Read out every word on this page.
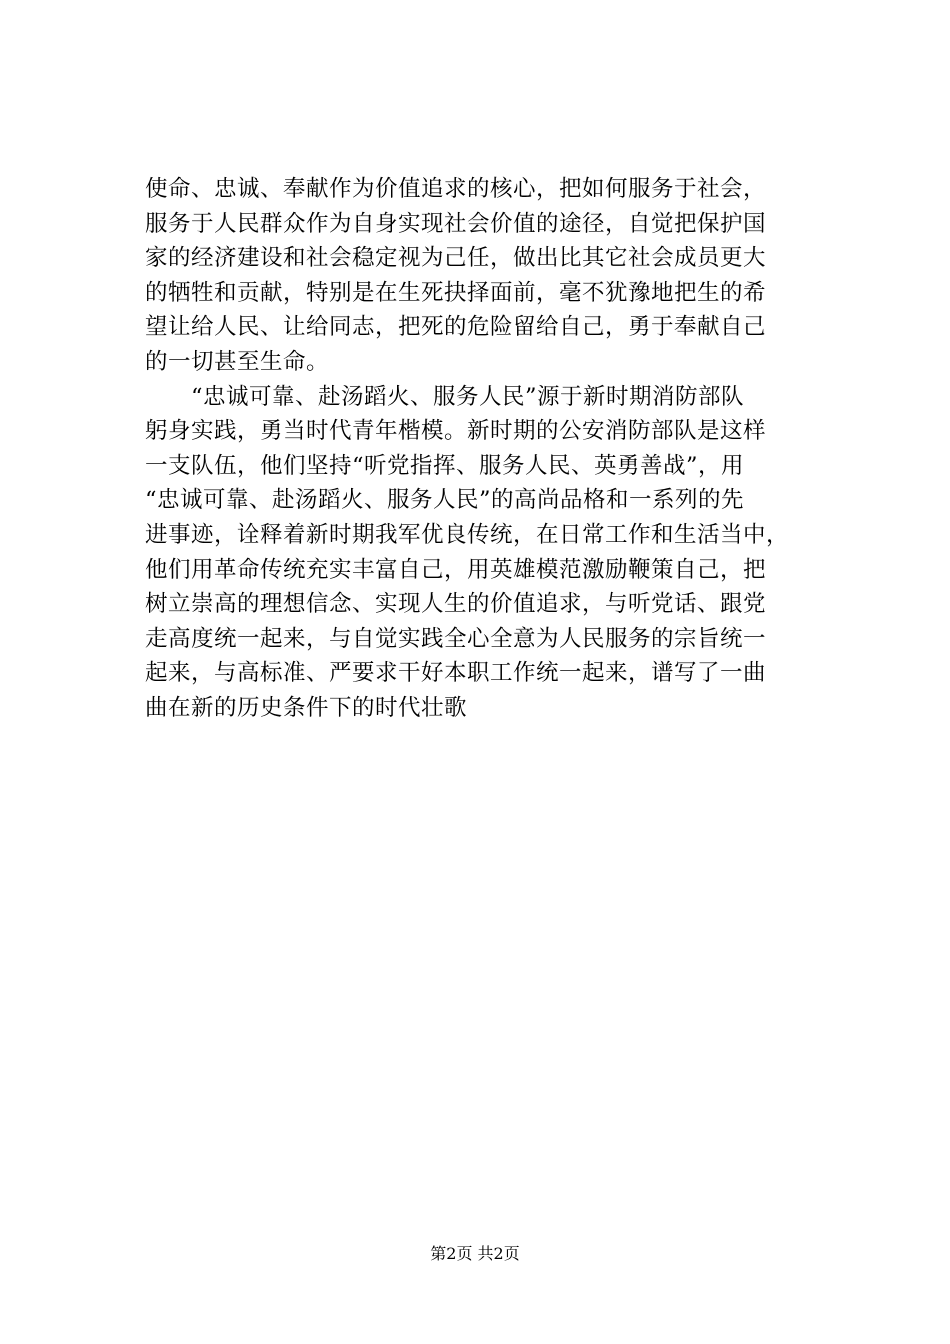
使命、忠诚、奉献作为价值追求的核心，把如何服务于社会，
服务于人民群众作为自身实现社会价值的途径，自觉把保护国
家的经济建设和社会稳定视为己任，做出比其它社会成员更大
的牺牲和贡献，特别是在生死抉择面前，毫不犹豫地把生的希
望让给人民、让给同志，把死的危险留给自己，勇于奉献自己
的一切甚至生命。
　　“忠诚可靠、赴汤蹈火、服务人民”源于新时期消防部队
躬身实践，勇当时代青年楷模。新时期的公安消防部队是这样
一支队伍，他们坚持“听党指挥、服务人民、英勇善战”，用
“忠诚可靠、赴汤蹈火、服务人民”的高尚品格和一系列的先
进事迹，诠释着新时期我军优良传统，在日常工作和生活当中，
他们用革命传统充实丰富自己，用英雄模范激励鞭策自己，把
树立崇高的理想信念、实现人生的价值追求，与听党话、跟党
走高度统一起来，与自觉实践全心全意为人民服务的宗旨统一
起来，与高标准、严要求干好本职工作统一起来，谱写了一曲
曲在新的历史条件下的时代壮歌
第2页 共2页
